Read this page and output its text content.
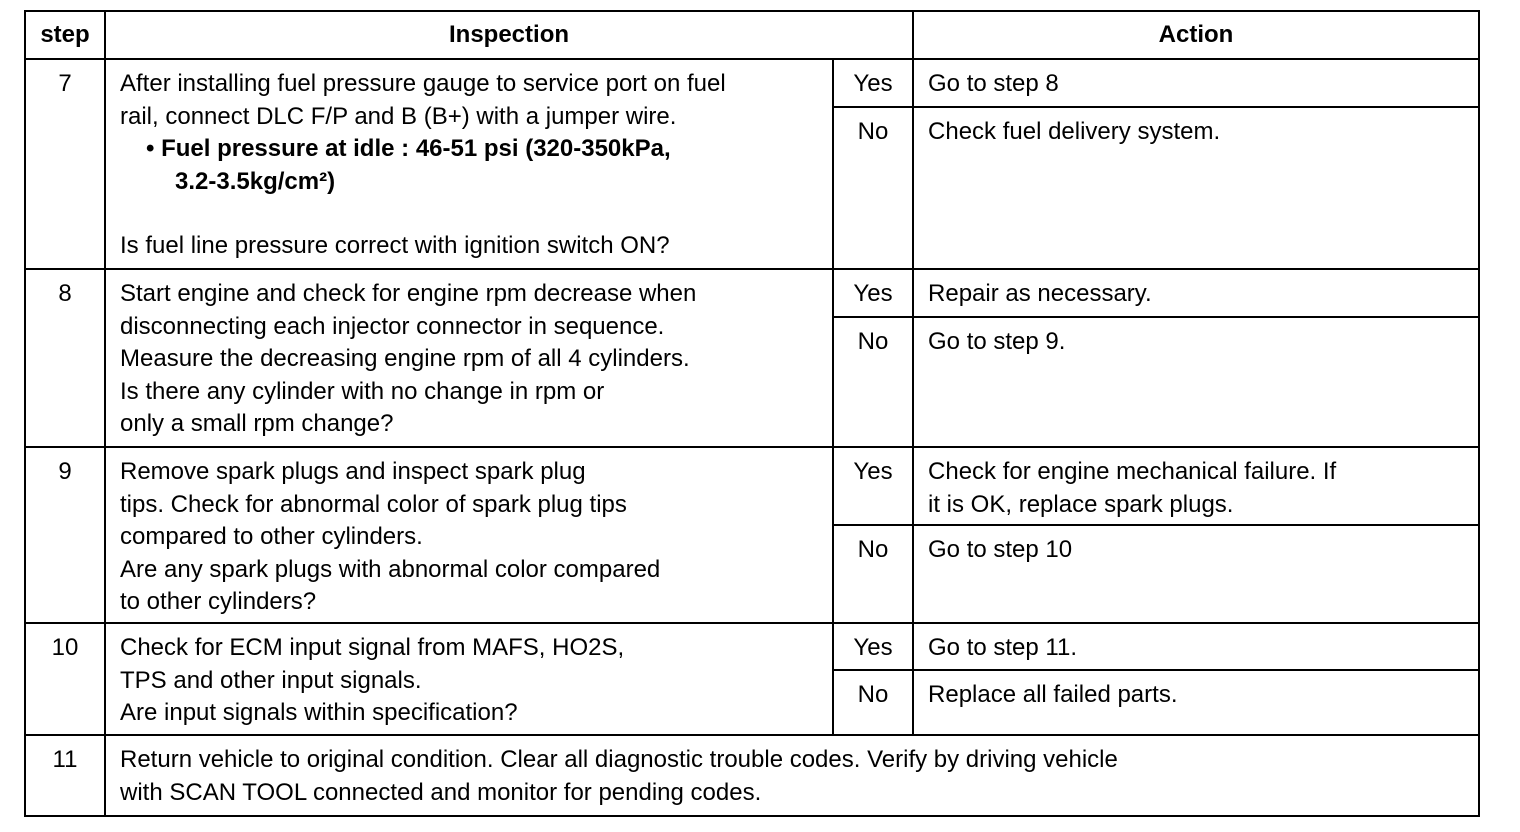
step	Inspection		Action
7	After installing fuel pressure gauge to service port on fuel
rail, connect DLC F/P and B (B+) with a jumper wire.
• Fuel pressure at idle : 46-51 psi (320-350kPa,
3.2-3.5kg/cm²)
Is fuel line pressure correct with ignition switch ON?	Yes	Go to step 8

		No	Check fuel delivery system.

8	Start engine and check for engine rpm decrease when
disconnecting each injector connector in sequence.
Measure the decreasing engine rpm of all 4 cylinders.
Is there any cylinder with no change in rpm or
only a small rpm change?	Yes	Repair as necessary.

		No	Go to step 9.

9	Remove spark plugs and inspect spark plug
tips. Check for abnormal color of spark plug tips
compared to other cylinders.
Are any spark plugs with abnormal color compared
to other cylinders?	Yes	Check for engine mechanical failure. If
it is OK, replace spark plugs.

		No	Go to step 10

10	Check for ECM input signal from MAFS, HO2S,
TPS and other input signals.
Are input signals within specification?	Yes	Go to step 11.

		No	Replace all failed parts.

11	Return vehicle to original condition. Clear all diagnostic trouble codes. Verify by driving vehicle
with SCAN TOOL connected and monitor for pending codes.		
